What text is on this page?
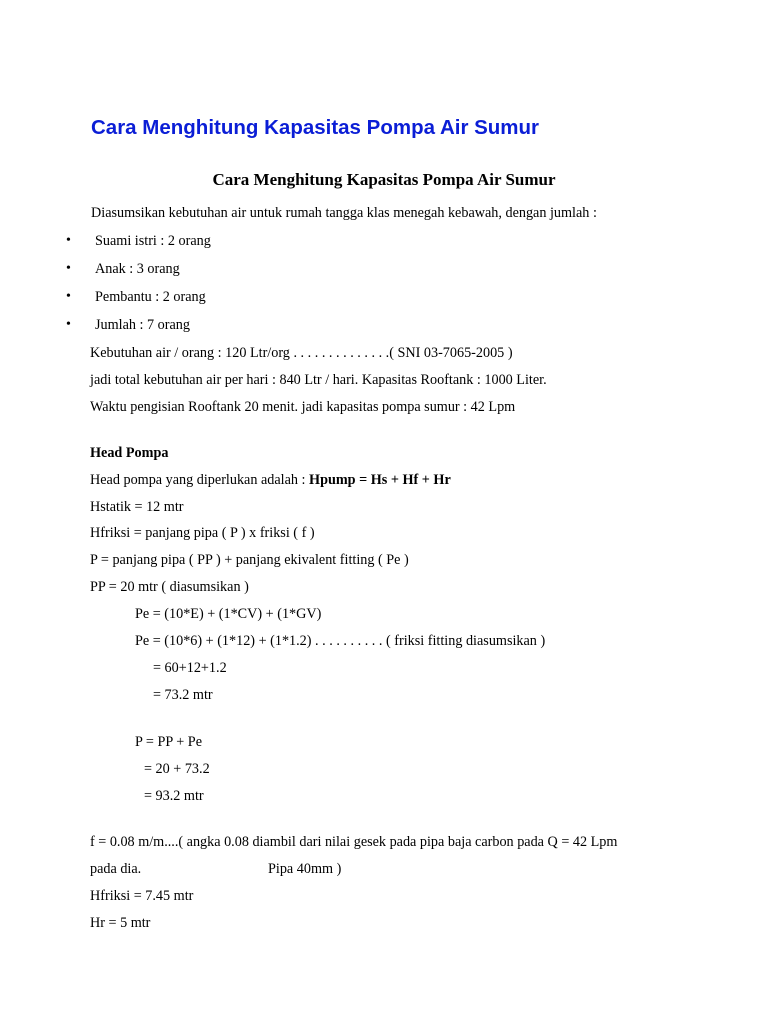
Cara Menghitung Kapasitas Pompa Air Sumur
Cara Menghitung Kapasitas Pompa Air Sumur
Diasumsikan kebutuhan air untuk rumah tangga klas menegah kebawah, dengan jumlah :
• Suami istri : 2 orang
• Anak : 3 orang
• Pembantu : 2 orang
• Jumlah : 7 orang
Kebutuhan air / orang : 120 Ltr/org . . . . . . . . . . . . . .( SNI 03-7065-2005 )
jadi total kebutuhan air per hari : 840 Ltr / hari. Kapasitas Rooftank : 1000 Liter.
Waktu pengisian Rooftank 20 menit. jadi kapasitas pompa sumur : 42 Lpm
Head Pompa
Head pompa yang diperlukan adalah : Hpump = Hs + Hf + Hr
Hstatik = 12 mtr
Hfriksi = panjang pipa ( P ) x friksi ( f )
P = panjang pipa ( PP ) + panjang ekivalent fitting ( Pe )
PP = 20 mtr ( diasumsikan )
Pe = (10*E) + (1*CV) + (1*GV)
Pe = (10*6) + (1*12) + (1*1.2) . . . . . . . . . . ( friksi fitting diasumsikan )
= 60+12+1.2
= 73.2 mtr
P = PP + Pe
= 20 + 73.2
= 93.2 mtr
f = 0.08 m/m....( angka 0.08 diambil dari nilai gesek pada pipa baja carbon pada Q = 42 Lpm
pada dia.	Pipa 40mm )
Hfriksi = 7.45 mtr
Hr = 5 mtr
